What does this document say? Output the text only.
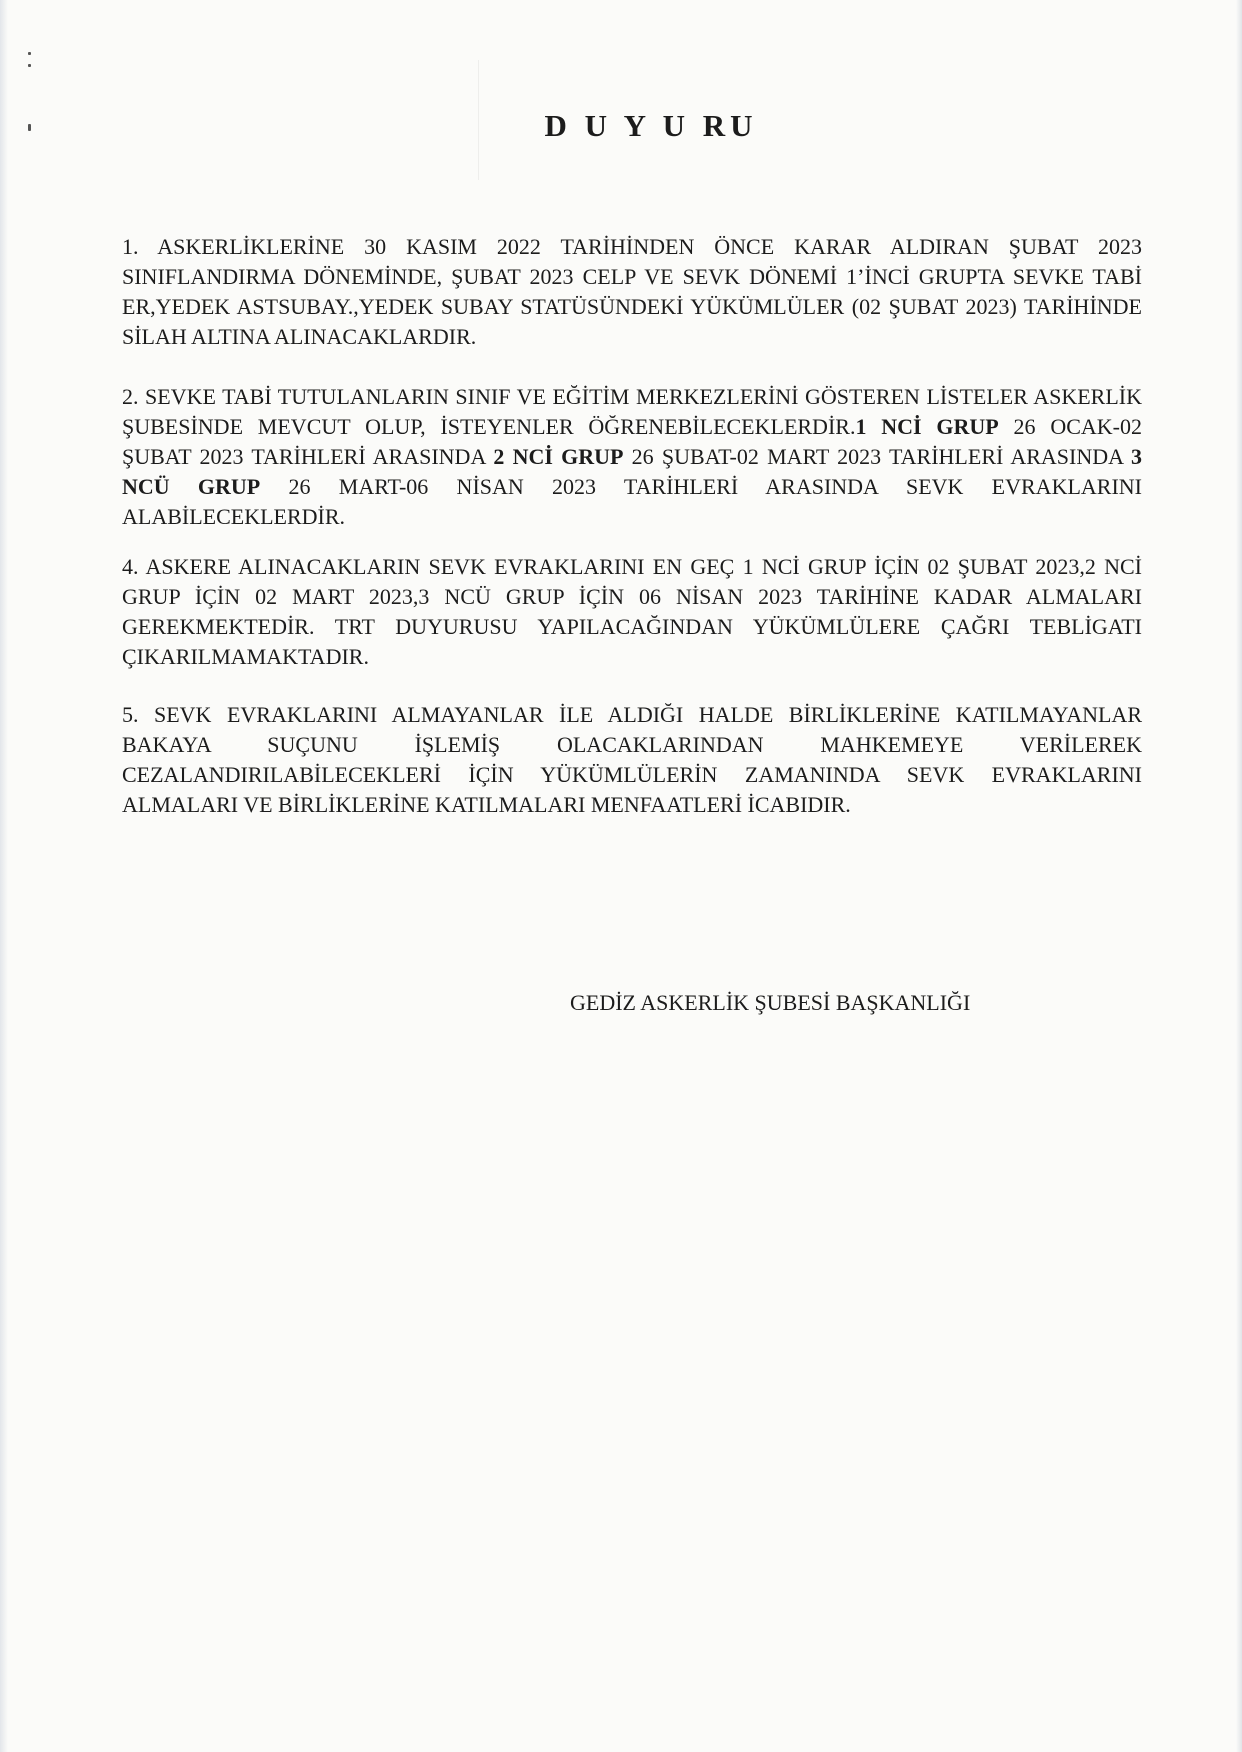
D U Y U RU

1. ASKERLİKLERİNE 30 KASIM 2022 TARİHİNDEN ÖNCE KARAR ALDIRAN ŞUBAT 2023 SINIFLANDIRMA DÖNEMİNDE, ŞUBAT 2023 CELP VE SEVK DÖNEMİ 1’İNCİ GRUPTA SEVKE TABİ ER,YEDEK ASTSUBAY.,YEDEK SUBAY STATÜSÜNDEKİ YÜKÜMLÜLER (02 ŞUBAT 2023) TARİHİNDE SİLAH ALTINA ALINACAKLARDIR.

2. SEVKE TABİ TUTULANLARIN SINIF VE EĞİTİM MERKEZLERİNİ GÖSTEREN LİSTELER ASKERLİK ŞUBESİNDE MEVCUT OLUP, İSTEYENLER ÖĞRENEBİLECEKLERDİR.1 NCİ GRUP 26 OCAK-02 ŞUBAT 2023 TARİHLERİ ARASINDA 2 NCİ GRUP 26 ŞUBAT-02 MART 2023 TARİHLERİ ARASINDA 3 NCÜ GRUP 26 MART-06 NİSAN 2023 TARİHLERİ ARASINDA SEVK EVRAKLARINI ALABİLECEKLERDİR.

4. ASKERE ALINACAKLARIN SEVK EVRAKLARINI EN GEÇ 1 NCİ GRUP İÇİN 02 ŞUBAT 2023,2 NCİ GRUP İÇİN 02 MART 2023,3 NCÜ GRUP İÇİN 06 NİSAN 2023 TARİHİNE KADAR ALMALARI GEREKMEKTEDİR. TRT DUYURUSU YAPILACAĞINDAN YÜKÜMLÜLERE ÇAĞRI TEBLİGATI ÇIKARILMAMAKTADIR.

5. SEVK EVRAKLARINI ALMAYANLAR İLE ALDIĞI HALDE BİRLİKLERİNE KATILMAYANLAR BAKAYA SUÇUNU İŞLEMİŞ OLACAKLARINDAN MAHKEMEYE VERİLEREK CEZALANDIRILABİLECEKLERİ İÇİN YÜKÜMLÜLERİN ZAMANINDA SEVK EVRAKLARINI ALMALARI VE BİRLİKLERİNE KATILMALARI MENFAATLERİ İCABIDIR.

GEDİZ ASKERLİK ŞUBESİ BAŞKANLIĞI
